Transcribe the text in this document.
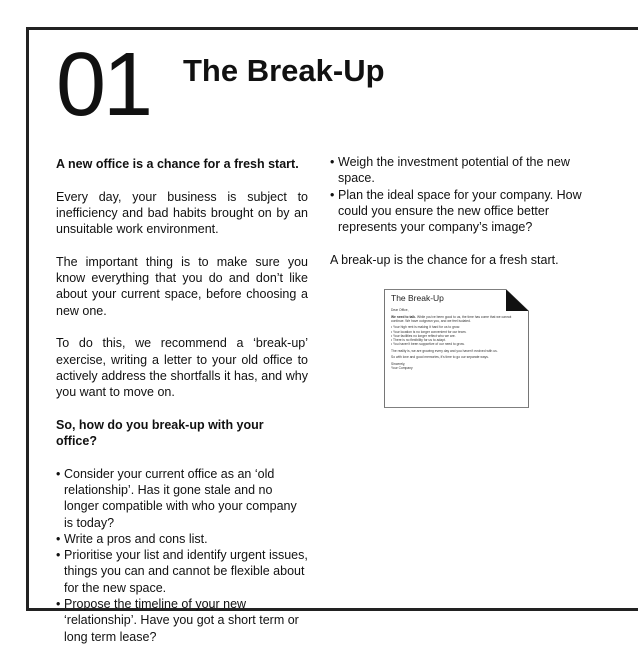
01 The Break-Up

A new office is a chance for a fresh start.

Every day, your business is subject to inefficiency and bad habits brought on by an unsuitable work environment.

The important thing is to make sure you know everything that you do and don’t like about your current space, before choosing a new one.

To do this, we recommend a ‘break-up’ exercise, writing a letter to your old office to actively address the shortfalls it has, and why you want to move on.

So, how do you break-up with your office?

• Consider your current office as an ‘old relationship’. Has it gone stale and no longer compatible with who your company is today?
• Write a pros and cons list.
• Prioritise your list and identify urgent issues, things you can and cannot be flexible about for the new space.
• Propose the timeline of your new ‘relationship’. Have you got a short term or long term lease?
• Weigh the investment potential of the new space.
• Plan the ideal space for your company. How could you ensure the new office better represents your company’s image?

A break-up is the chance for a fresh start.

The Break-Up
Dear Office,
We need to talk. While you’ve been good to us, the time has come that we cannot continue. We have outgrown you, and we feel isolated.
• Your high rent is making it hard for us to grow.
• Your location is no longer convenient for our team.
• Your facilities no longer reflect who we are.
• There is no flexibility for us to adapt.
• You haven’t been supportive of our need to grow.
The reality is, we are growing every day and you haven’t evolved with us.
So with love and good memories, it’s time to go our separate ways.
Sincerely,
Your Company
